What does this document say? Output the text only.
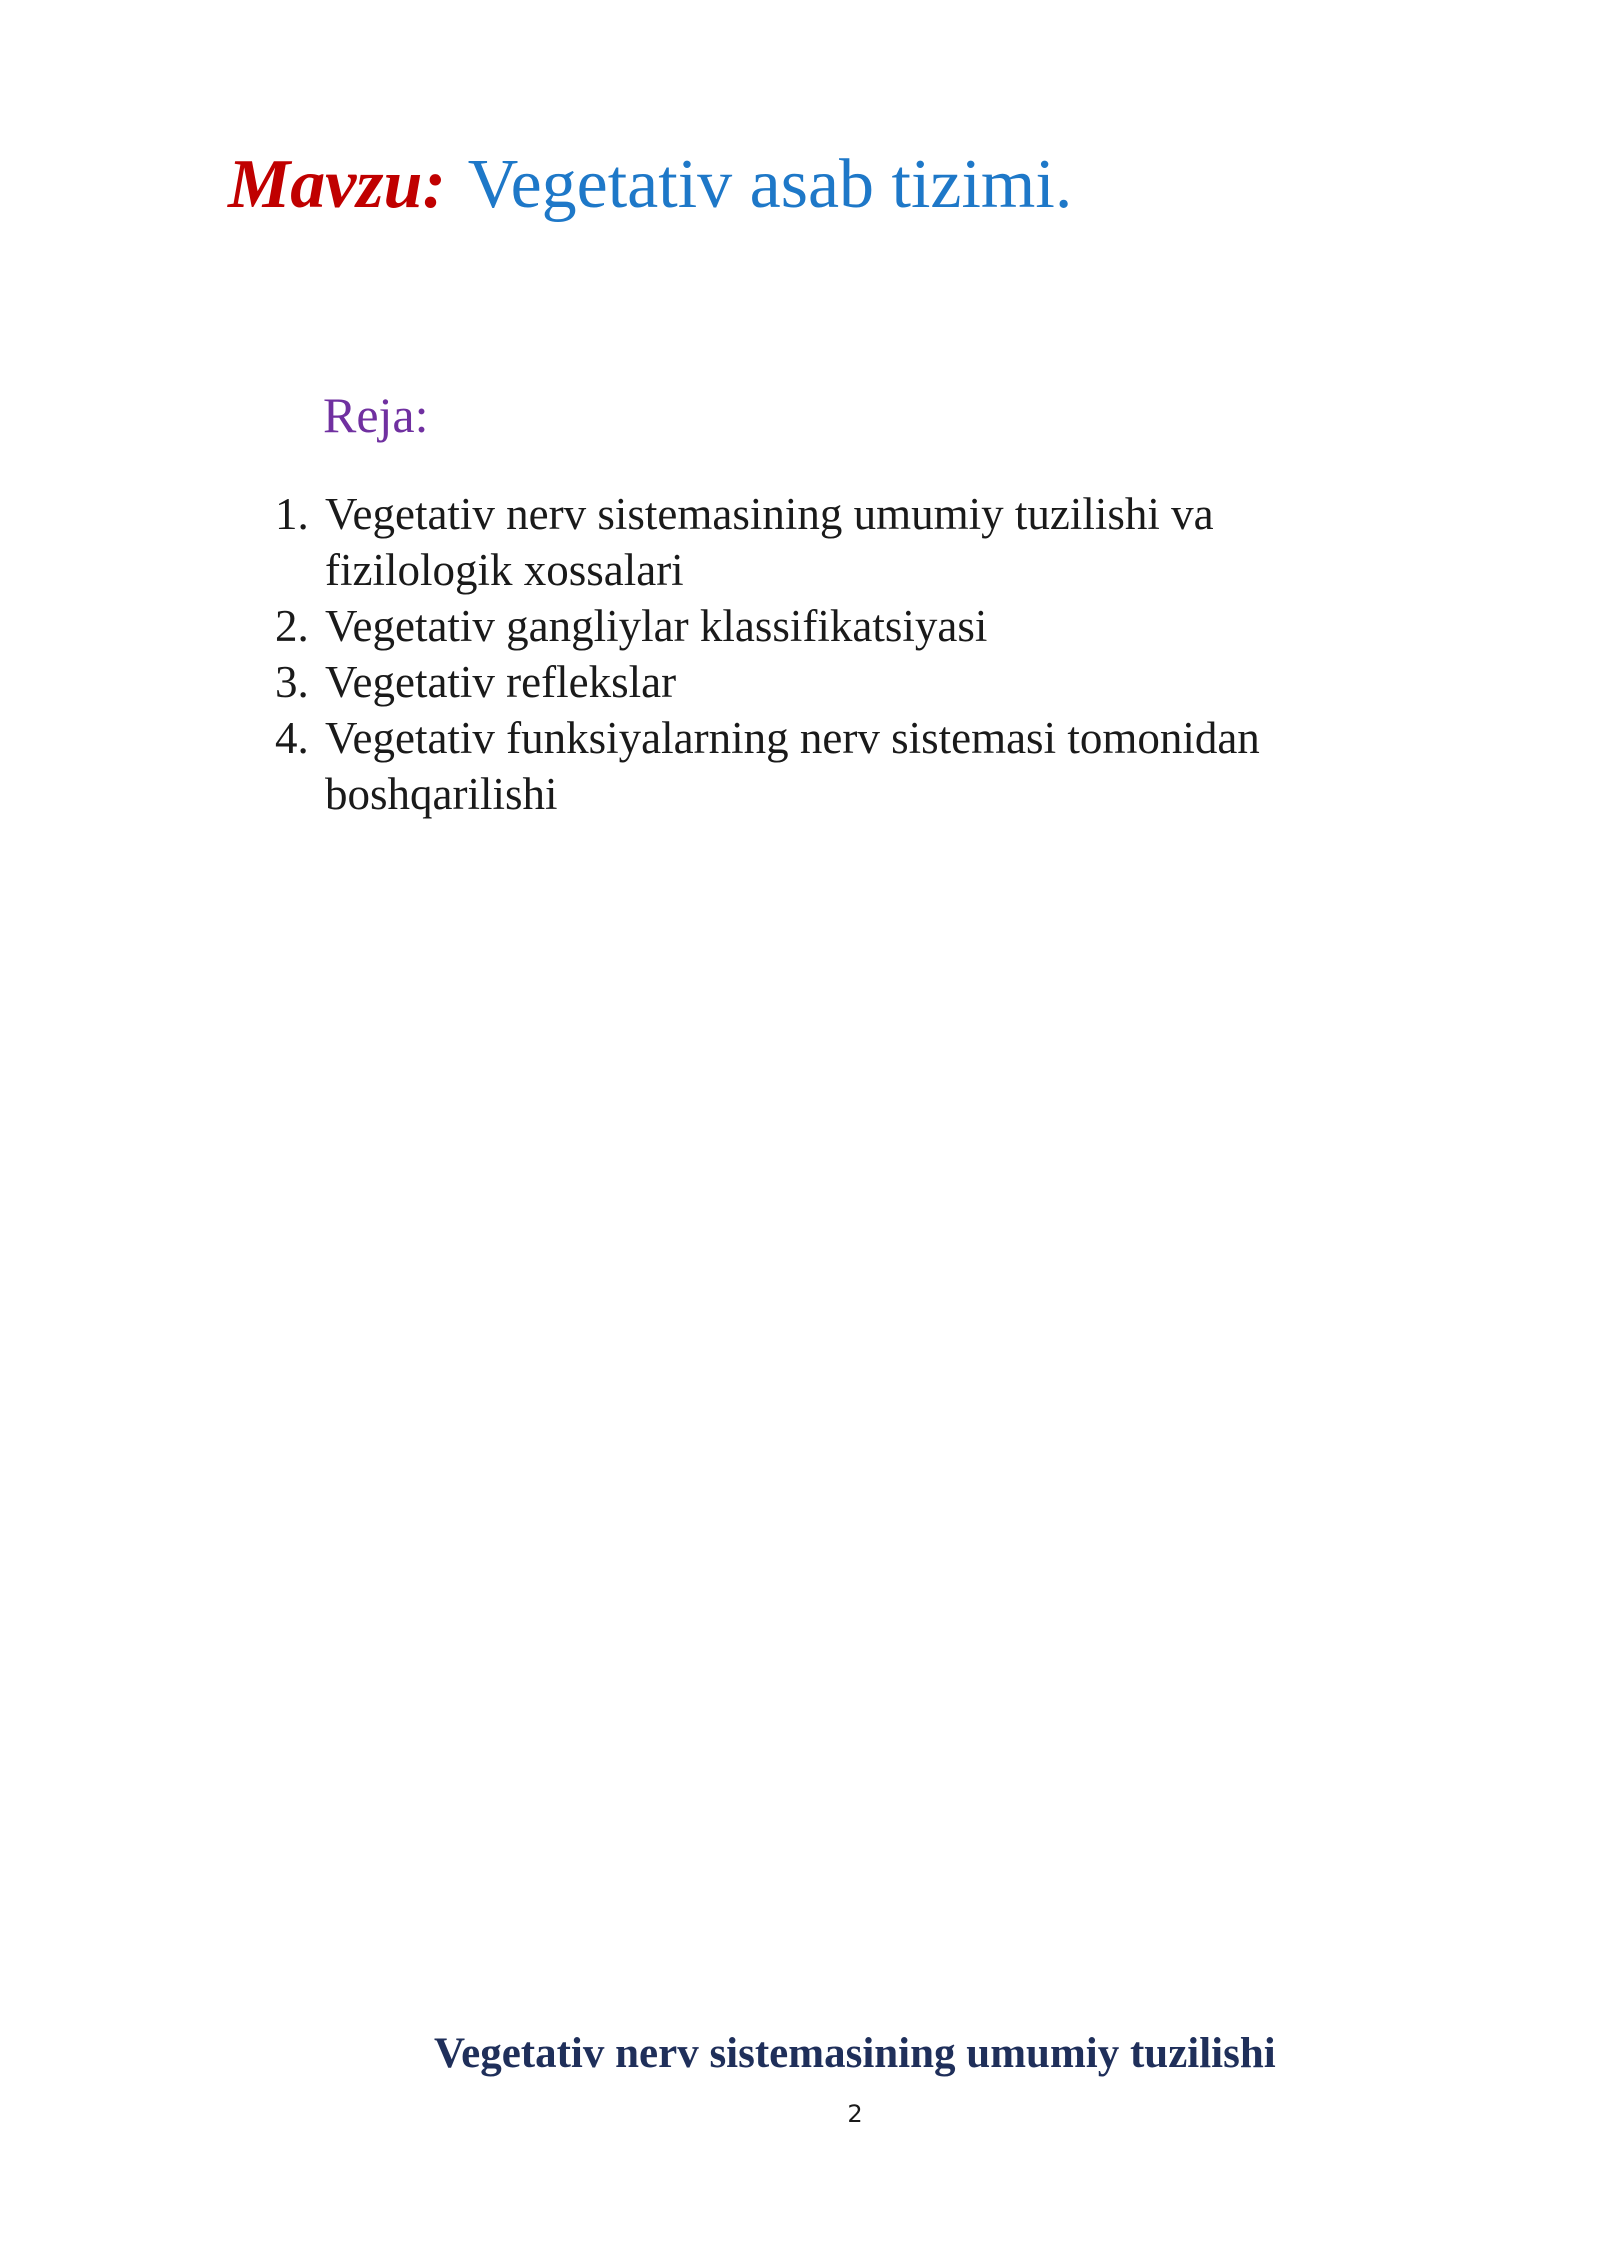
Mavzu: Vegetativ asab tizimi.
Reja:
1. Vegetativ nerv sistemasining umumiy tuzilishi va fizilologik xossalari
2. Vegetativ gangliylar klassifikatsiyasi
3. Vegetativ reflekslar
4. Vegetativ funksiyalarning nerv sistemasi tomonidan boshqarilishi
Vegetativ nerv sistemasining umumiy tuzilishi
2
